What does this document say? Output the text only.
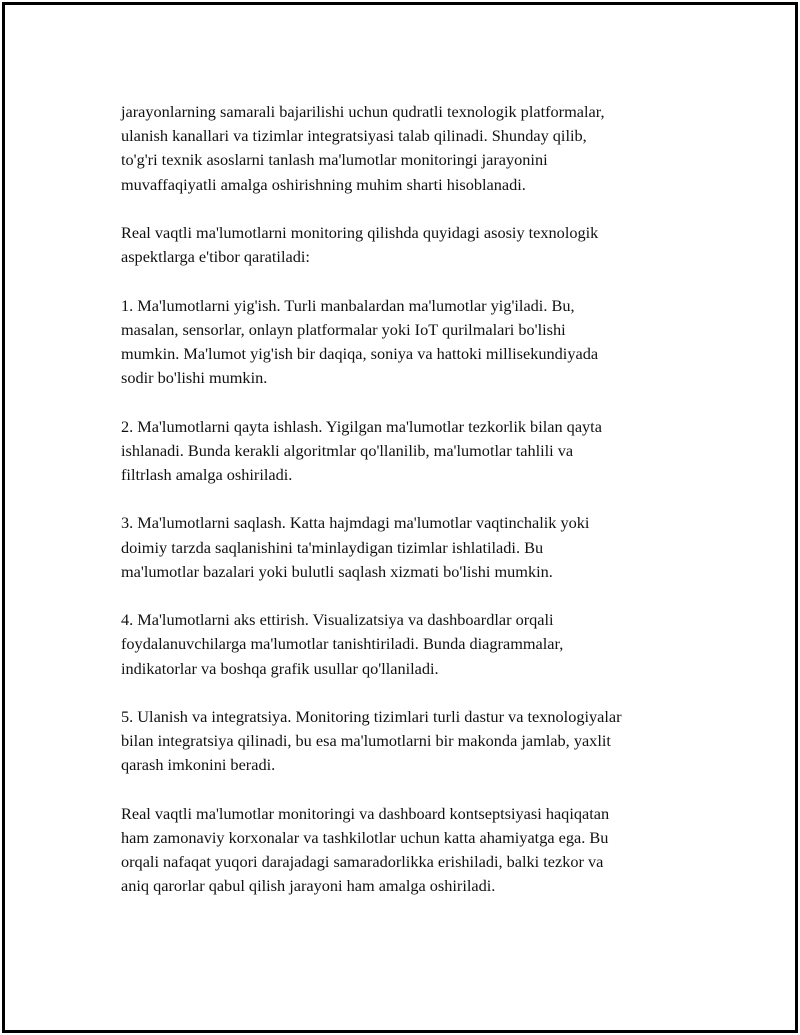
jarayonlarning samarali bajarilishi uchun qudratli texnologik platformalar,
ulanish kanallari va tizimlar integratsiyasi talab qilinadi. Shunday qilib,
to'g'ri texnik asoslarni tanlash ma'lumotlar monitoringi jarayonini
muvaffaqiyatli amalga oshirishning muhim sharti hisoblanadi.

Real vaqtli ma'lumotlarni monitoring qilishda quyidagi asosiy texnologik
aspektlarga e'tibor qaratiladi:

1. Ma'lumotlarni yig'ish. Turli manbalardan ma'lumotlar yig'iladi. Bu,
masalan, sensorlar, onlayn platformalar yoki IoT qurilmalari bo'lishi
mumkin. Ma'lumot yig'ish bir daqiqa, soniya va hattoki millisekundiyada
sodir bo'lishi mumkin.

2. Ma'lumotlarni qayta ishlash. Yigilgan ma'lumotlar tezkorlik bilan qayta
ishlanadi. Bunda kerakli algoritmlar qo'llanilib, ma'lumotlar tahlili va
filtrlash amalga oshiriladi.

3. Ma'lumotlarni saqlash. Katta hajmdagi ma'lumotlar vaqtinchalik yoki
doimiy tarzda saqlanishini ta'minlaydigan tizimlar ishlatiladi. Bu
ma'lumotlar bazalari yoki bulutli saqlash xizmati bo'lishi mumkin.

4. Ma'lumotlarni aks ettirish. Visualizatsiya va dashboardlar orqali
foydalanuvchilarga ma'lumotlar tanishtiriladi. Bunda diagrammalar,
indikatorlar va boshqa grafik usullar qo'llaniladi.

5. Ulanish va integratsiya. Monitoring tizimlari turli dastur va texnologiyalar
bilan integratsiya qilinadi, bu esa ma'lumotlarni bir makonda jamlab, yaxlit
qarash imkonini beradi.

Real vaqtli ma'lumotlar monitoringi va dashboard kontseptsiyasi haqiqatan
ham zamonaviy korxonalar va tashkilotlar uchun katta ahamiyatga ega. Bu
orqali nafaqat yuqori darajadagi samaradorlikka erishiladi, balki tezkor va
aniq qarorlar qabul qilish jarayoni ham amalga oshiriladi.
